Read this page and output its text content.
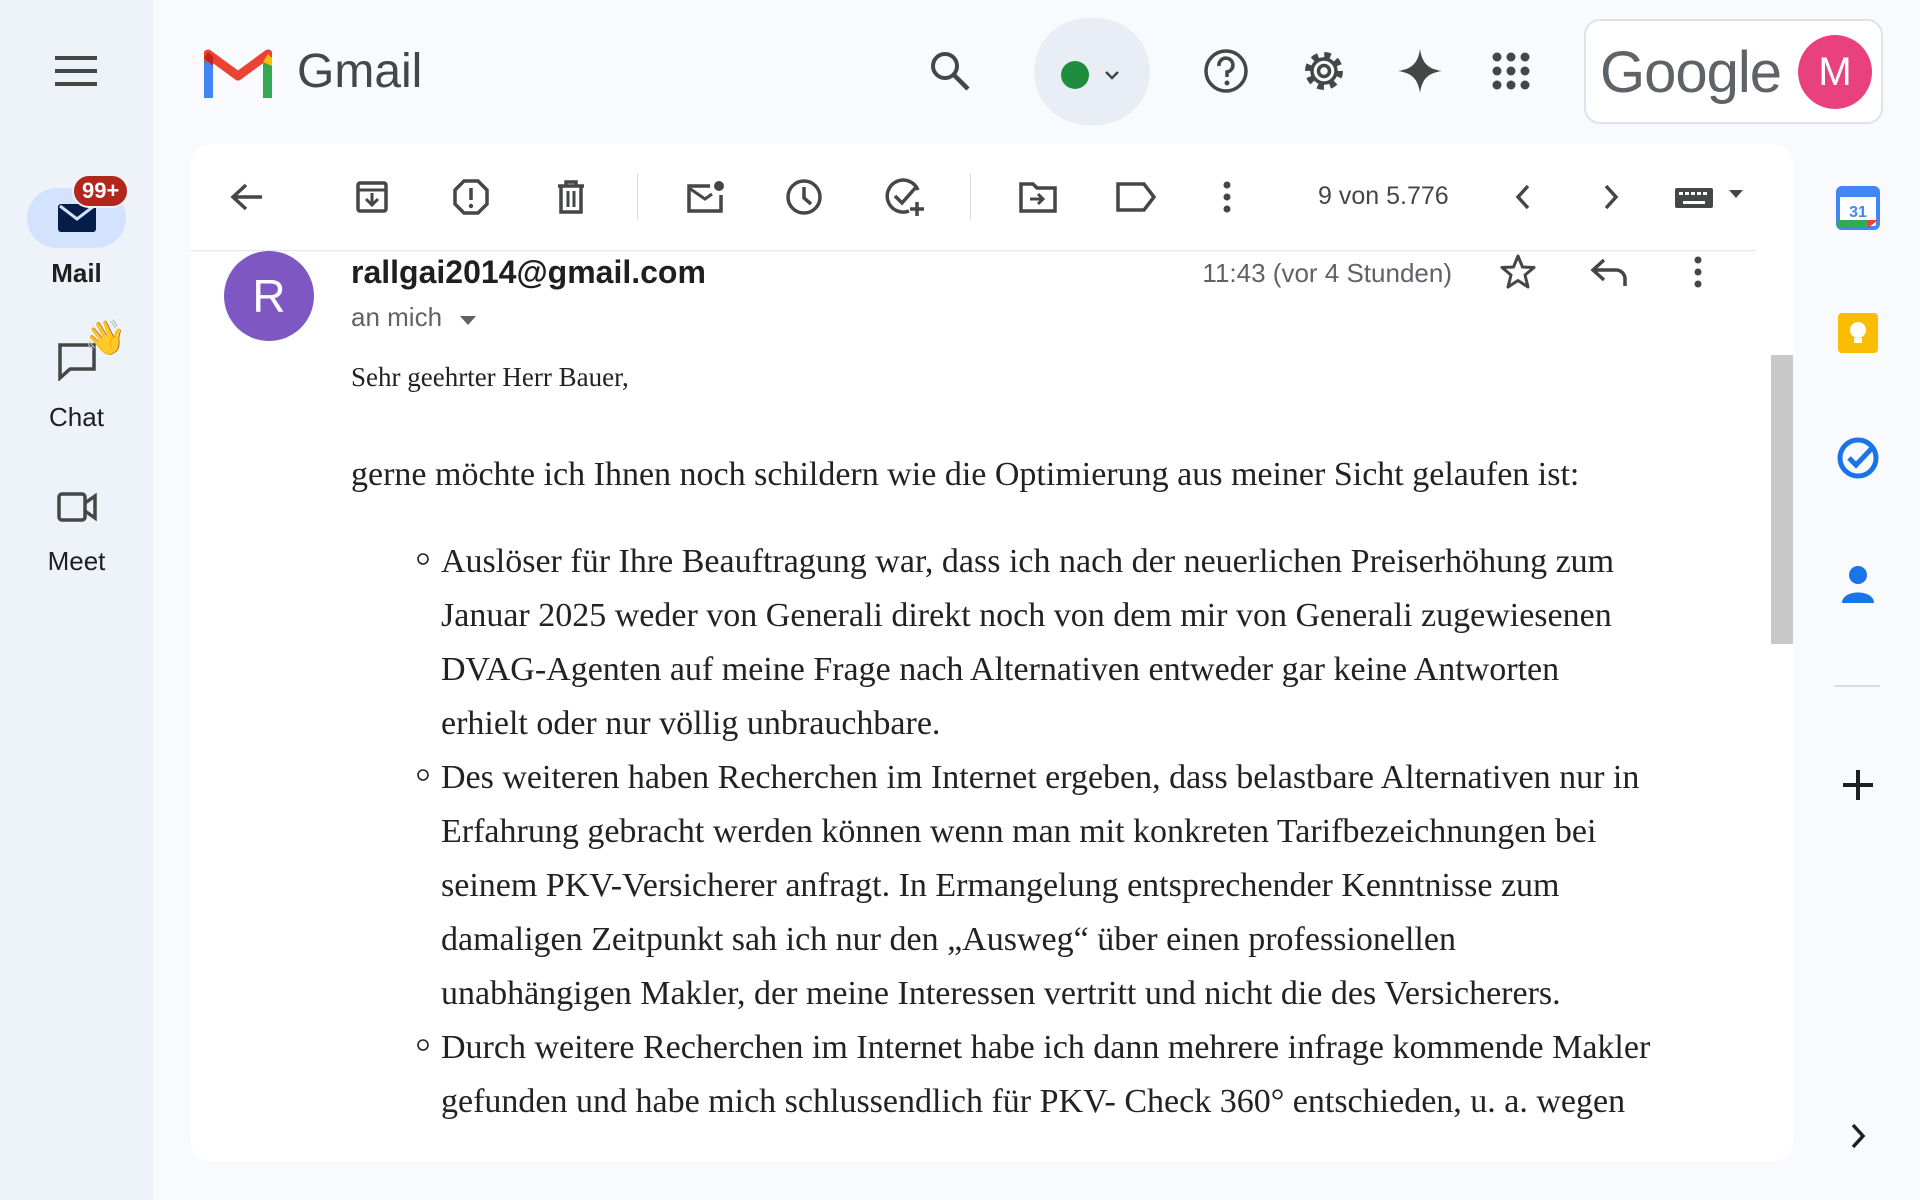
99+
Mail
👋
Chat
Meet
Gmail	Google M
9 von 5.776
R	rallgai2014@gmail.com
an mich
11:43 (vor 4 Stunden)
Sehr geehrter Herr Bauer,
gerne möchte ich Ihnen noch schildern wie die Optimierung aus meiner Sicht gelaufen ist:
Auslöser für Ihre Beauftragung war, dass ich nach der neuerlichen Preiserhöhung zum
Januar 2025 weder von Generali direkt noch von dem mir von Generali zugewiesenen
DVAG-Agenten auf meine Frage nach Alternativen entweder gar keine Antworten
erhielt oder nur völlig unbrauchbare.
Des weiteren haben Recherchen im Internet ergeben, dass belastbare Alternativen nur in
Erfahrung gebracht werden können wenn man mit konkreten Tarifbezeichnungen bei
seinem PKV-Versicherer anfragt. In Ermangelung entsprechender Kenntnisse zum
damaligen Zeitpunkt sah ich nur den „Ausweg“ über einen professionellen
unabhängigen Makler, der meine Interessen vertritt und nicht die des Versicherers.
Durch weitere Recherchen im Internet habe ich dann mehrere infrage kommende Makler
gefunden und habe mich schlussendlich für PKV- Check 360° entschieden, u. a. wegen
31
